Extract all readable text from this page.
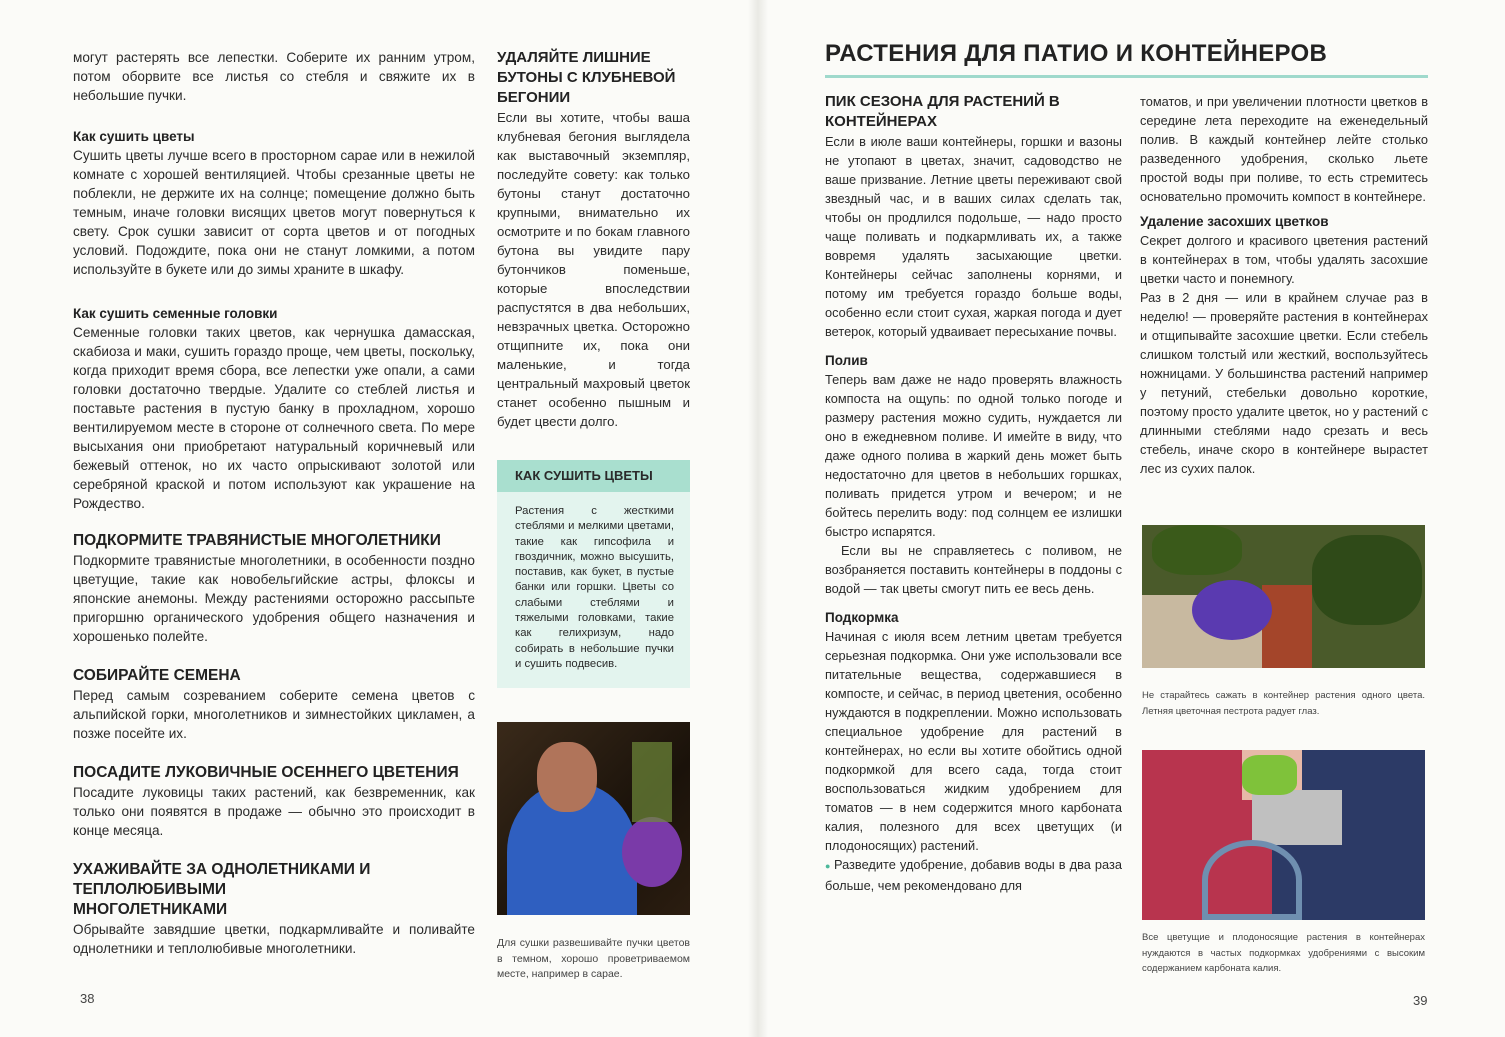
могут растерять все лепестки. Соберите их ранним утром, потом оборвите все листья со стебля и свяжите их в небольшие пучки.

Как сушить цветы

Сушить цветы лучше всего в просторном сарае или в нежилой комнате с хорошей вентиляцией. Чтобы срезанные цветы не поблекли, не держите их на солнце; помещение должно быть темным, иначе головки висящих цветов могут повернуться к свету. Срок сушки зависит от сорта цветов и от погодных условий. Подождите, пока они не станут ломкими, а потом используйте в букете или до зимы храните в шкафу.

Как сушить семенные головки

Семенные головки таких цветов, как чернушка дамасская, скабиоза и маки, сушить гораздо проще, чем цветы, поскольку, когда приходит время сбора, все лепестки уже опали, а сами головки достаточно твердые. Удалите со стеблей листья и поставьте растения в пустую банку в прохладном, хорошо вентилируемом месте в стороне от солнечного света. По мере высыхания они приобретают натуральный коричневый или бежевый оттенок, но их часто опрыскивают золотой или серебряной краской и потом используют как украшение на Рождество.

ПОДКОРМИТЕ ТРАВЯНИСТЫЕ МНОГОЛЕТНИКИ

Подкормите травянистые многолетники, в особенности поздно цветущие, такие как новобельгийские астры, флоксы и японские анемоны. Между растениями осторожно рассыпьте пригоршню органического удобрения общего назначения и хорошенько полейте.

СОБИРАЙТЕ СЕМЕНА

Перед самым созреванием соберите семена цветов с альпийской горки, многолетников и зимнестойких цикламен, а позже посейте их.

ПОСАДИТЕ ЛУКОВИЧНЫЕ ОСЕННЕГО ЦВЕТЕНИЯ

Посадите луковицы таких растений, как безвременник, как только они появятся в продаже — обычно это происходит в конце месяца.

УХАЖИВАЙТЕ ЗА ОДНОЛЕТНИКАМИ И ТЕПЛОЛЮБИВЫМИ МНОГОЛЕТНИКАМИ

Обрывайте завядшие цветки, подкармливайте и поливайте однолетники и теплолюбивые многолетники.

УДАЛЯЙТЕ ЛИШНИЕ БУТОНЫ С КЛУБНЕВОЙ БЕГОНИИ

Если вы хотите, чтобы ваша клубневая бегония выглядела как выставочный экземпляр, последуйте совету: как только бутоны станут достаточно крупными, внимательно их осмотрите и по бокам главного бутона вы увидите пару бутончиков поменьше, которые впоследствии распустятся в два небольших, невзрачных цветка. Осторожно отщипните их, пока они маленькие, и тогда центральный махровый цветок станет особенно пышным и будет цвести долго.

КАК СУШИТЬ ЦВЕТЫ

Растения с жесткими стеблями и мелкими цветами, такие как гипсофила и гвоздичник, можно высушить, поставив, как букет, в пустые банки или горшки. Цветы со слабыми стеблями и тяжелыми головками, такие как гелихризум, надо собирать в небольшие пучки и сушить подвесив.

Для сушки развешивайте пучки цветов в темном, хорошо проветриваемом месте, например в сарае.
38
РАСТЕНИЯ ДЛЯ ПАТИО И КОНТЕЙНЕРОВ
ПИК СЕЗОНА ДЛЯ РАСТЕНИЙ В КОНТЕЙНЕРАХ

Если в июле ваши контейнеры, горшки и вазоны не утопают в цветах, значит, садоводство не ваше призвание. Летние цветы переживают свой звездный час, и в ваших силах сделать так, чтобы он продлился подольше, — надо просто чаще поливать и подкармливать их, а также вовремя удалять засыхающие цветки. Контейнеры сейчас заполнены корнями, и потому им требуется гораздо больше воды, особенно если стоит сухая, жаркая погода и дует ветерок, который удваивает пересыхание почвы.

Полив

Теперь вам даже не надо проверять влажность компоста на ощупь: по одной только погоде и размеру растения можно судить, нуждается ли оно в ежедневном поливе. И имейте в виду, что даже одного полива в жаркий день может быть недостаточно для цветов в небольших горшках, поливать придется утром и вечером; и не бойтесь перелить воду: под солнцем ее излишки быстро испарятся.

Если вы не справляетесь с поливом, не возбраняется поставить контейнеры в поддоны с водой — так цветы смогут пить ее весь день.

Подкормка

Начиная с июля всем летним цветам требуется серьезная подкормка. Они уже использовали все питательные вещества, содержавшиеся в компосте, и сейчас, в период цветения, особенно нуждаются в подкреплении. Можно использовать специальное удобрение для растений в контейнерах, но если вы хотите обойтись одной подкормкой для всего сада, тогда стоит воспользоваться жидким удобрением для томатов — в нем содержится много карбоната калия, полезного для всех цветущих (и плодоносящих) растений.

● Разведите удобрение, добавив воды в два раза больше, чем рекомендовано для

томатов, и при увеличении плотности цветков в середине лета переходите на еженедельный полив. В каждый контейнер лейте столько разведенного удобрения, сколько льете простой воды при поливе, то есть стремитесь основательно промочить компост в контейнере.

Удаление засохших цветков

Секрет долгого и красивого цветения растений в контейнерах в том, чтобы удалять засохшие цветки часто и понемногу.

Раз в 2 дня — или в крайнем случае раз в неделю! — проверяйте растения в контейнерах и отщипывайте засохшие цветки. Если стебель слишком толстый или жесткий, воспользуйтесь ножницами. У большинства растений например у петуний, стебельки довольно короткие, поэтому просто удалите цветок, но у растений с длинными стеблями надо срезать и весь стебель, иначе скоро в контейнере вырастет лес из сухих палок.

Не старайтесь сажать в контейнер растения одного цвета. Летняя цветочная пестрота радует глаз.
Все цветущие и плодоносящие растения в контейнерах нуждаются в частых подкормках удобрениями с высоким содержанием карбоната калия.
39
